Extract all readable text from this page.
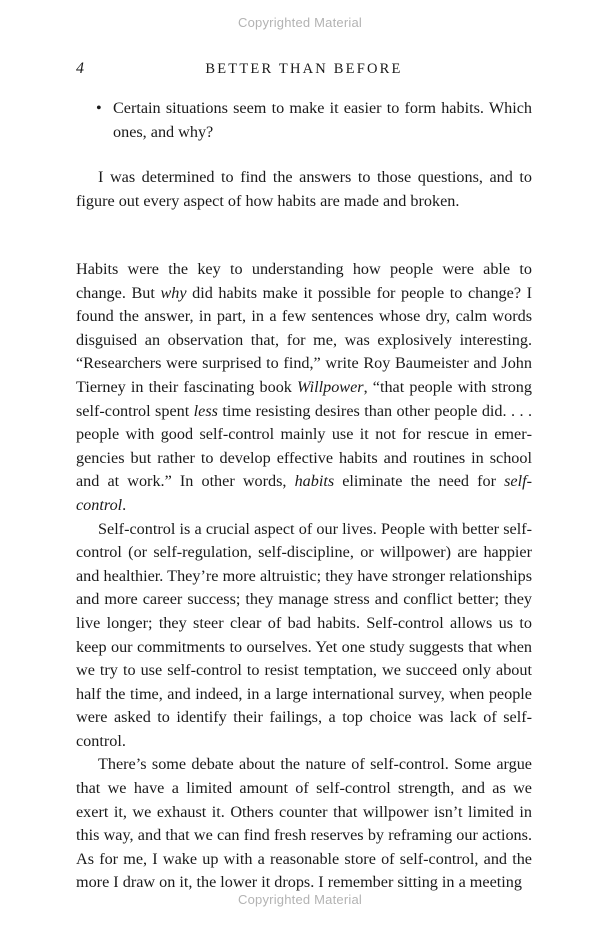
Copyrighted Material
4	BETTER THAN BEFORE
• Certain situations seem to make it easier to form habits. Which ones, and why?

I was determined to find the answers to those questions, and to figure out every aspect of how habits are made and broken.

Habits were the key to understanding how people were able to change. But why did habits make it possible for people to change? I found the answer, in part, in a few sentences whose dry, calm words disguised an observation that, for me, was explosively interesting. “Researchers were surprised to find,” write Roy Baumeister and John Tierney in their fascinating book Willpower, “that people with strong self-control spent less time resisting desires than other people did. . . . people with good self-control mainly use it not for rescue in emergencies but rather to develop effective habits and routines in school and at work.” In other words, habits eliminate the need for self-control.

Self-control is a crucial aspect of our lives. People with better self-control (or self-regulation, self-discipline, or willpower) are happier and healthier. They’re more altruistic; they have stronger relationships and more career success; they manage stress and conflict better; they live longer; they steer clear of bad habits. Self-control allows us to keep our commitments to ourselves. Yet one study suggests that when we try to use self-control to resist temptation, we succeed only about half the time, and indeed, in a large international survey, when people were asked to identify their failings, a top choice was lack of self-control.

There’s some debate about the nature of self-control. Some argue that we have a limited amount of self-control strength, and as we exert it, we exhaust it. Others counter that willpower isn’t limited in this way, and that we can find fresh reserves by reframing our actions. As for me, I wake up with a reasonable store of self-control, and the more I draw on it, the lower it drops. I remember sitting in a meeting

Copyrighted Material
